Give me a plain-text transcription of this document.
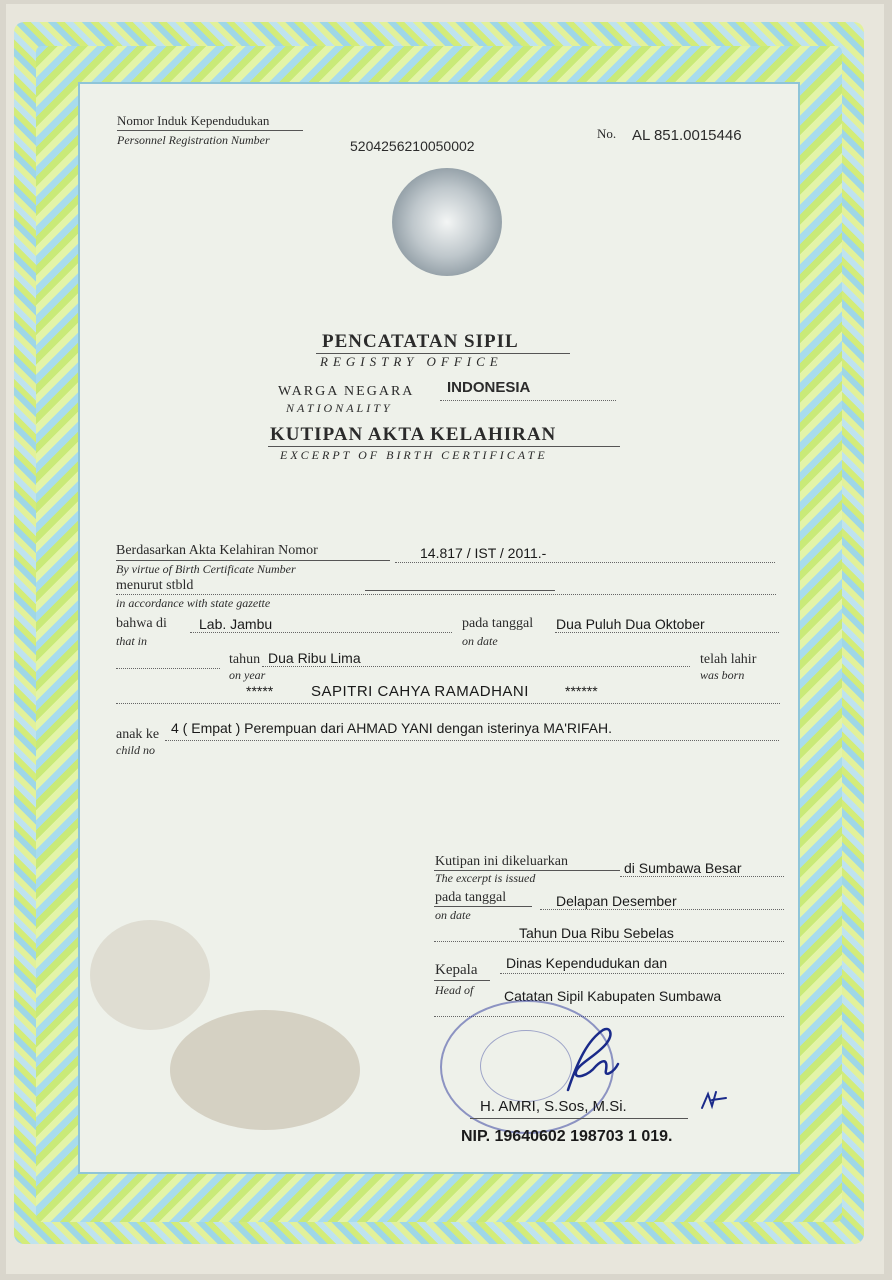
Nomor Induk Kependudukan
Personnel Registration Number	5204256210050002
No. AL 851.0015446
PENCATATAN SIPIL
REGISTRY OFFICE
WARGA NEGARA INDONESIA
NATIONALITY
KUTIPAN AKTA KELAHIRAN
EXCERPT OF BIRTH CERTIFICATE
Berdasarkan Akta Kelahiran Nomor
By virtue of Birth Certificate Number
14.817 / IST / 2011.-
menurut stbld
in accordance with state gazette
bahwa di Lab. Jambu
that in
pada tanggal Dua Puluh Dua Oktober
on date
tahun Dua Ribu Lima
on year
telah lahir
was born
*****	SAPITRI CAHYA RAMADHANI	******
anak ke 4 ( Empat ) Perempuan dari AHMAD YANI dengan isterinya MA'RIFAH.
child no
Kutipan ini dikeluarkan
The excerpt is issued
di Sumbawa Besar
pada tanggal
on date
Delapan Desember
Tahun Dua Ribu Sebelas
Kepala
Head of
Dinas Kependudukan dan
Catatan Sipil Kabupaten Sumbawa
H. AMRI, S.Sos, M.Si.
NIP. 19640602 198703 1 019.
